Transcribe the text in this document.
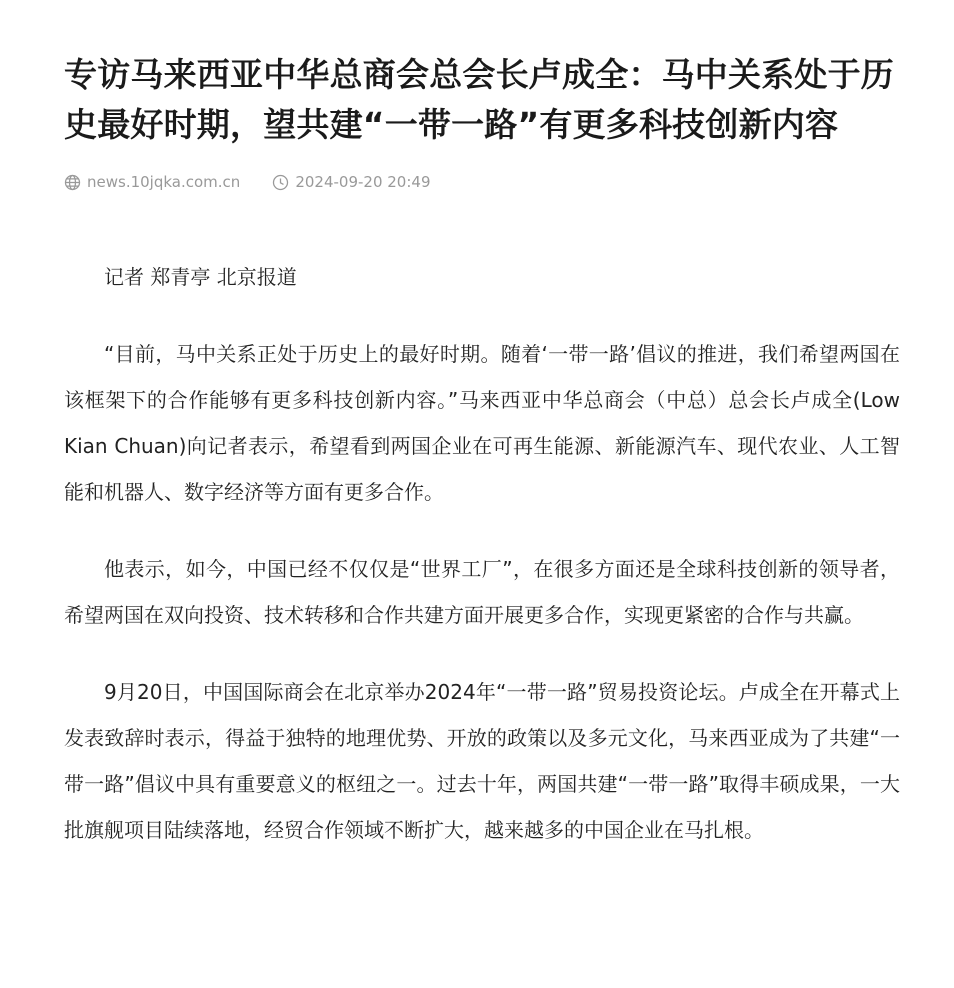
专访马来西亚中华总商会总会长卢成全：马中关系处于历史最好时期，望共建“一带一路”有更多科技创新内容
news.10jqka.com.cn	2024-09-20 20:49

记者 郑青亭 北京报道

“目前，马中关系正处于历史上的最好时期。随着‘一带一路’倡议的推进，我们希望两国在该框架下的合作能够有更多科技创新内容。”马来西亚中华总商会（中总）总会长卢成全(Low Kian Chuan)向记者表示，希望看到两国企业在可再生能源、新能源汽车、现代农业、人工智能和机器人、数字经济等方面有更多合作。

他表示，如今，中国已经不仅仅是“世界工厂”，在很多方面还是全球科技创新的领导者，希望两国在双向投资、技术转移和合作共建方面开展更多合作，实现更紧密的合作与共赢。

9月20日，中国国际商会在北京举办2024年“一带一路”贸易投资论坛。卢成全在开幕式上发表致辞时表示，得益于独特的地理优势、开放的政策以及多元文化，马来西亚成为了共建“一带一路”倡议中具有重要意义的枢纽之一。过去十年，两国共建“一带一路”取得丰硕成果，一大批旗舰项目陆续落地，经贸合作领域不断扩大，越来越多的中国企业在马扎根。
